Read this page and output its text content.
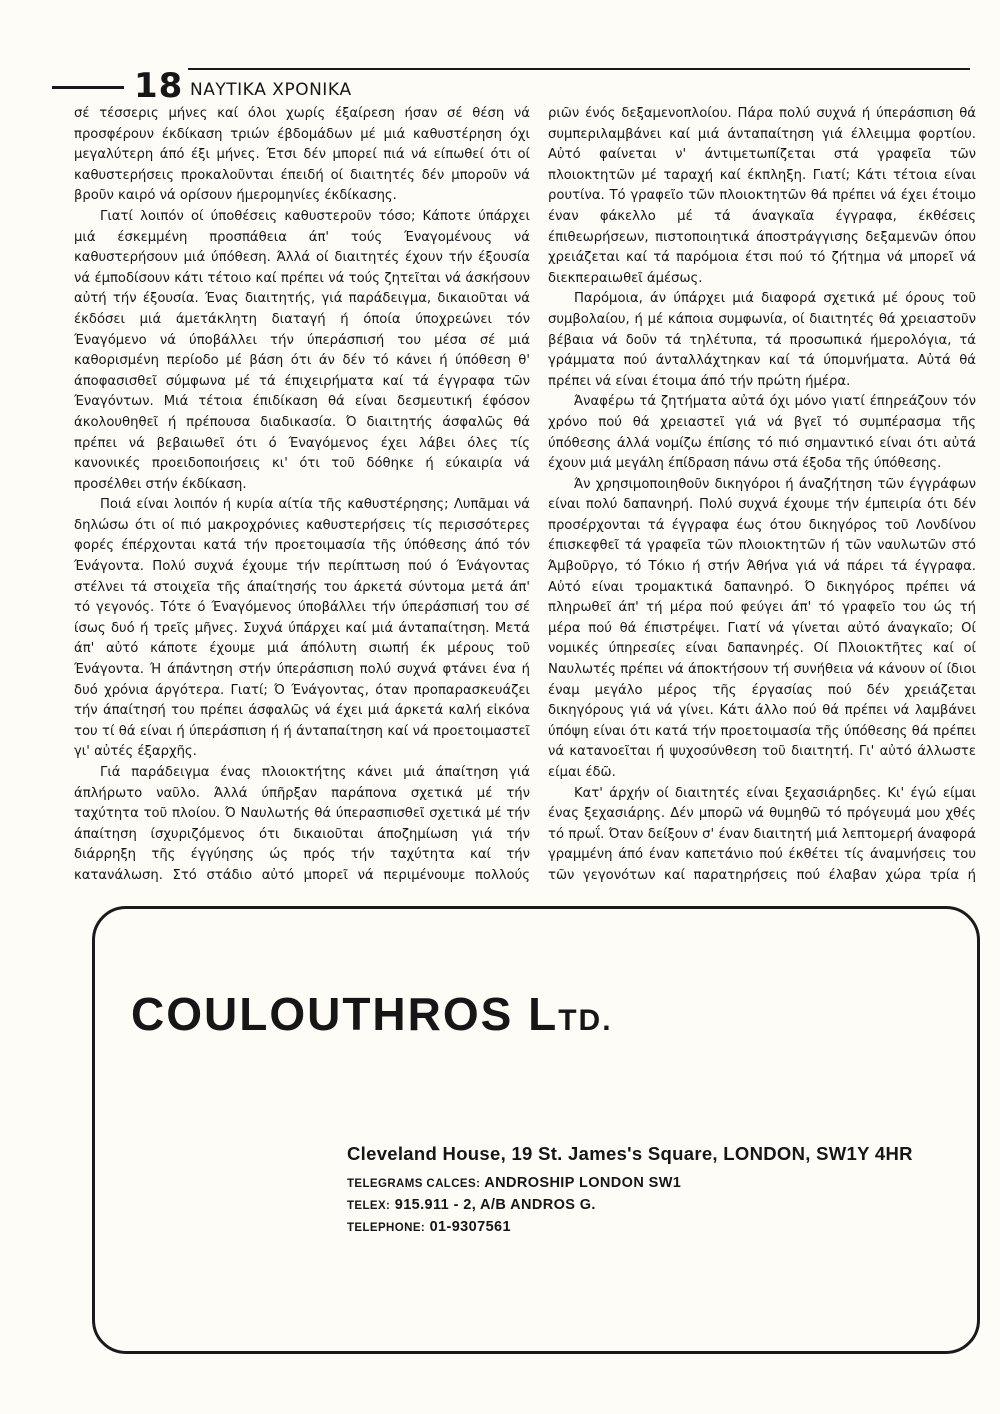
18 ΝΑΥΤΙΚΑ ΧΡΟΝΙΚΑ

σέ τέσσερις μήνες καί όλοι χωρίς έξαίρεση ήσαν σέ θέση νά προσφέρουν έκδίκαση τριών έβδομάδων μέ μιά καθυστέρηση όχι μεγαλύτερη άπό έξι μήνες. Έτσι δέν μπορεί πιά νά είπωθεί ότι οί καθυστερήσεις προκαλοῦνται έπειδή οί διαιτητές δέν μποροῦν νά βροῦν καιρό νά ορίσουν ήμερομηνίες έκδίκασης.

Γιατί λοιπόν οί ύποθέσεις καθυστεροῦν τόσο; Κάποτε ύπάρχει μιά έσκεμμένη προσπάθεια άπ' τούς Έναγομένους νά καθυστερήσουν μιά ύπόθεση. Άλλά οί διαιτητές έχουν τήν έξουσία νά έμποδίσουν κάτι τέτοιο καί πρέπει νά τούς ζητεῖται νά άσκήσουν αὐτή τήν έξουσία. Ένας διαιτητής, γιά παράδειγμα, δικαιοῦται νά έκδόσει μιά άμετάκλητη διαταγή ή όποία ύποχρεώνει τόν Έναγόμενο νά ύποβάλλει τήν ύπεράσπισή του μέσα σέ μιά καθορισμένη περίοδο μέ βάση ότι άν δέν τό κάνει ή ύπόθεση θ' άποφασισθεῖ σύμφωνα μέ τά έπιχειρήματα καί τά έγγραφα τῶν Έναγόντων. Μιά τέτοια έπιδίκαση θά είναι δεσμευτική έφόσον άκολουθηθεῖ ή πρέπουσα διαδικασία. Ό διαιτητής άσφαλῶς θά πρέπει νά βεβαιωθεῖ ότι ό Έναγόμενος έχει λάβει όλες τίς κανονικές προειδοποιήσεις κι' ότι τοῦ δόθηκε ή εύκαιρία νά προσέλθει στήν έκδίκαση.

Ποιά είναι λοιπόν ή κυρία αίτία τῆς καθυστέρησης; Λυπᾶμαι νά δηλώσω ότι οί πιό μακροχρόνιες καθυστερήσεις τίς περισσότερες φορές έπέρχονται κατά τήν προετοιμασία τῆς ύπόθεσης άπό τόν Ένάγοντα. Πολύ συχνά έχουμε τήν περίπτωση πού ό Ένάγοντας στέλνει τά στοιχεῖα τῆς άπαίτησής του άρκετά σύντομα μετά άπ' τό γεγονός. Τότε ό Έναγόμενος ύποβάλλει τήν ύπεράσπισή του σέ ίσως δυό ή τρεῖς μῆνες. Συχνά ύπάρχει καί μιά άνταπαίτηση. Μετά άπ' αὐτό κάποτε έχουμε μιά άπόλυτη σιωπή έκ μέρους τοῦ Ένάγοντα. Ή άπάντηση στήν ύπεράσπιση πολύ συχνά φτάνει ένα ή δυό χρόνια άργότερα. Γιατί; Ό Ένάγοντας, όταν προπαρασκευάζει τήν άπαίτησή του πρέπει άσφαλῶς νά έχει μιά άρκετά καλή εἰκόνα του τί θά είναι ή ύπεράσπιση ή ή άνταπαίτηση καί νά προετοιμαστεῖ γι' αὐτές έξαρχῆς.

Γιά παράδειγμα ένας πλοιοκτήτης κάνει μιά άπαίτηση γιά άπλήρωτο ναῦλο. Άλλά ύπῆρξαν παράπονα σχετικά μέ τήν ταχύτητα τοῦ πλοίου. Ό Ναυλωτής θά ύπερασπισθεῖ σχετικά μέ τήν άπαίτηση ίσχυριζόμενος ότι δικαιοῦται άποζημίωση γιά τήν διάρρηξη τῆς έγγύησης ώς πρός τήν ταχύτητα καί τήν κατανάλωση. Στό στάδιο αὐτό μπορεῖ νά περιμένουμε πολλούς

ριῶν ένός δεξαμενοπλοίου. Πάρα πολύ συχνά ή ύπεράσπιση θά συμπεριλαμβάνει καί μιά άνταπαίτηση γιά έλλειμμα φορτίου. Αὐτό φαίνεται ν' άντιμετωπίζεται στά γραφεῖα τῶν πλοιοκτητῶν μέ ταραχή καί έκπληξη. Γιατί; Κάτι τέτοια είναι ρουτίνα. Τό γραφεῖο τῶν πλοιοκτητῶν θά πρέπει νά έχει έτοιμο έναν φάκελλο μέ τά άναγκαῖα έγγραφα, έκθέσεις έπιθεωρήσεων, πιστοποιητικά άποστράγγισης δεξαμενῶν όπου χρειάζεται καί τά παρόμοια έτσι πού τό ζήτημα νά μπορεῖ νά διεκπεραιωθεῖ άμέσως.

Παρόμοια, άν ύπάρχει μιά διαφορά σχετικά μέ όρους τοῦ συμβολαίου, ή μέ κάποια συμφωνία, οί διαιτητές θά χρειαστοῦν βέβαια νά δοῦν τά τηλέτυπα, τά προσωπικά ήμερολόγια, τά γράμματα πού άνταλλάχτηκαν καί τά ύπομνήματα. Αὐτά θά πρέπει νά είναι έτοιμα άπό τήν πρώτη ήμέρα.

Άναφέρω τά ζητήματα αὐτά όχι μόνο γιατί έπηρεάζουν τόν χρόνο πού θά χρειαστεῖ γιά νά βγεῖ τό συμπέρασμα τῆς ύπόθεσης άλλά νομίζω έπίσης τό πιό σημαντικό είναι ότι αὐτά έχουν μιά μεγάλη έπίδραση πάνω στά έξοδα τῆς ύπόθεσης.

Άν χρησιμοποιηθοῦν δικηγόροι ή άναζήτηση τῶν έγγράφων είναι πολύ δαπανηρή. Πολύ συχνά έχουμε τήν έμπειρία ότι δέν προσέρχονται τά έγγραφα έως ότου δικηγόρος τοῦ Λονδίνου έπισκεφθεῖ τά γραφεῖα τῶν πλοιοκτητῶν ή τῶν ναυλωτῶν στό Άμβοῦργο, τό Τόκιο ή στήν Άθήνα γιά νά πάρει τά έγγραφα. Αὐτό είναι τρομακτικά δαπανηρό. Ό δικηγόρος πρέπει νά πληρωθεῖ άπ' τή μέρα πού φεύγει άπ' τό γραφεῖο του ώς τή μέρα πού θά έπιστρέψει. Γιατί νά γίνεται αὐτό άναγκαῖο; Οί νομικές ύπηρεσίες είναι δαπανηρές. Οί Πλοιοκτῆτες καί οί Ναυλωτές πρέπει νά άποκτήσουν τή συνήθεια νά κάνουν οί ίδιοι έναμ μεγάλο μέρος τῆς έργασίας πού δέν χρειάζεται δικηγόρους γιά νά γίνει. Κάτι άλλο πού θά πρέπει νά λαμβάνει ύπόψη είναι ότι κατά τήν προετοιμασία τῆς ύπόθεσης θά πρέπει νά κατανοεῖται ή ψυχοσύνθεση τοῦ διαιτητή. Γι' αὐτό άλλωστε είμαι έδῶ.

Κατ' άρχήν οί διαιτητές είναι ξεχασιάρηδες. Κι' έγώ είμαι ένας ξεχασιάρης. Δέν μπορῶ νά θυμηθῶ τό πρόγευμά μου χθές τό πρωΐ. Όταν δείξουν σ' έναν διαιτητή μιά λεπτομερή άναφορά γραμμένη άπό έναν καπετάνιο πού έκθέτει τίς άναμνήσεις του τῶν γεγονότων καί παρατηρήσεις πού έλαβαν χώρα τρία ή

COULOUTHROS LTD.
Cleveland House, 19 St. James's Square, LONDON, SW1Y 4HR
TELEGRAMS CALCES: ANDROSHIP LONDON SW1
TELEX: 915.911 - 2, A/B ANDROS G.
TELEPHONE: 01-9307561
